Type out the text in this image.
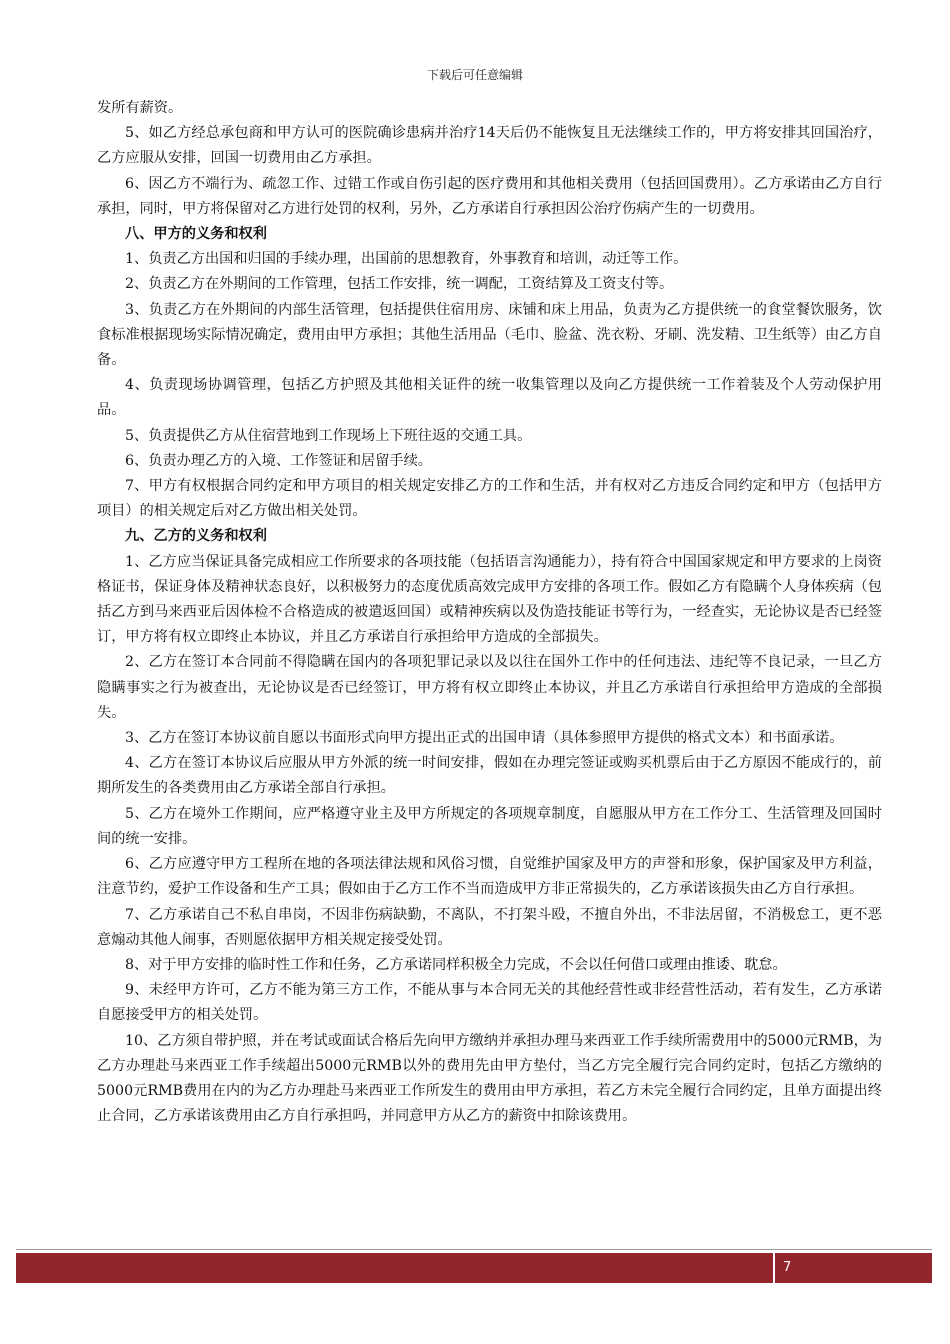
下载后可任意编辑

发所有薪资。

5、如乙方经总承包商和甲方认可的医院确诊患病并治疗14天后仍不能恢复且无法继续工作的，甲方将安排其回国治疗，乙方应服从安排，回国一切费用由乙方承担。

6、因乙方不端行为、疏忽工作、过错工作或自伤引起的医疗费用和其他相关费用（包括回国费用）。乙方承诺由乙方自行承担，同时，甲方将保留对乙方进行处罚的权利，另外，乙方承诺自行承担因公治疗伤病产生的一切费用。

八、甲方的义务和权利

1、负责乙方出国和归国的手续办理，出国前的思想教育，外事教育和培训，动迁等工作。

2、负责乙方在外期间的工作管理，包括工作安排，统一调配，工资结算及工资支付等。

3、负责乙方在外期间的内部生活管理，包括提供住宿用房、床铺和床上用品，负责为乙方提供统一的食堂餐饮服务，饮食标准根据现场实际情况确定，费用由甲方承担；其他生活用品（毛巾、脸盆、洗衣粉、牙刷、洗发精、卫生纸等）由乙方自备。

4、负责现场协调管理，包括乙方护照及其他相关证件的统一收集管理以及向乙方提供统一工作着装及个人劳动保护用品。

5、负责提供乙方从住宿营地到工作现场上下班往返的交通工具。

6、负责办理乙方的入境、工作签证和居留手续。

7、甲方有权根据合同约定和甲方项目的相关规定安排乙方的工作和生活，并有权对乙方违反合同约定和甲方（包括甲方项目）的相关规定后对乙方做出相关处罚。

九、乙方的义务和权利

1、乙方应当保证具备完成相应工作所要求的各项技能（包括语言沟通能力），持有符合中国国家规定和甲方要求的上岗资格证书，保证身体及精神状态良好，以积极努力的态度优质高效完成甲方安排的各项工作。假如乙方有隐瞒个人身体疾病（包括乙方到马来西亚后因体检不合格造成的被遣返回国）或精神疾病以及伪造技能证书等行为，一经查实，无论协议是否已经签订，甲方将有权立即终止本协议，并且乙方承诺自行承担给甲方造成的全部损失。

2、乙方在签订本合同前不得隐瞒在国内的各项犯罪记录以及以往在国外工作中的任何违法、违纪等不良记录，一旦乙方隐瞒事实之行为被查出，无论协议是否已经签订，甲方将有权立即终止本协议，并且乙方承诺自行承担给甲方造成的全部损失。

3、乙方在签订本协议前自愿以书面形式向甲方提出正式的出国申请（具体参照甲方提供的格式文本）和书面承诺。

4、乙方在签订本协议后应服从甲方外派的统一时间安排，假如在办理完签证或购买机票后由于乙方原因不能成行的，前期所发生的各类费用由乙方承诺全部自行承担。

5、乙方在境外工作期间，应严格遵守业主及甲方所规定的各项规章制度，自愿服从甲方在工作分工、生活管理及回国时间的统一安排。

6、乙方应遵守甲方工程所在地的各项法律法规和风俗习惯，自觉维护国家及甲方的声誉和形象，保护国家及甲方利益，注意节约，爱护工作设备和生产工具；假如由于乙方工作不当而造成甲方非正常损失的，乙方承诺该损失由乙方自行承担。

7、乙方承诺自己不私自串岗，不因非伤病缺勤，不离队，不打架斗殴，不擅自外出，不非法居留，不消极怠工，更不恶意煽动其他人闹事，否则愿依据甲方相关规定接受处罚。

8、对于甲方安排的临时性工作和任务，乙方承诺同样积极全力完成，不会以任何借口或理由推诿、耽怠。

9、未经甲方许可，乙方不能为第三方工作，不能从事与本合同无关的其他经营性或非经营性活动，若有发生，乙方承诺自愿接受甲方的相关处罚。

10、乙方须自带护照，并在考试或面试合格后先向甲方缴纳并承担办理马来西亚工作手续所需费用中的5000元RMB，为乙方办理赴马来西亚工作手续超出5000元RMB以外的费用先由甲方垫付，当乙方完全履行完合同约定时，包括乙方缴纳的5000元RMB费用在内的为乙方办理赴马来西亚工作所发生的费用由甲方承担，若乙方未完全履行合同约定，且单方面提出终止合同，乙方承诺该费用由乙方自行承担吗，并同意甲方从乙方的薪资中扣除该费用。

7
